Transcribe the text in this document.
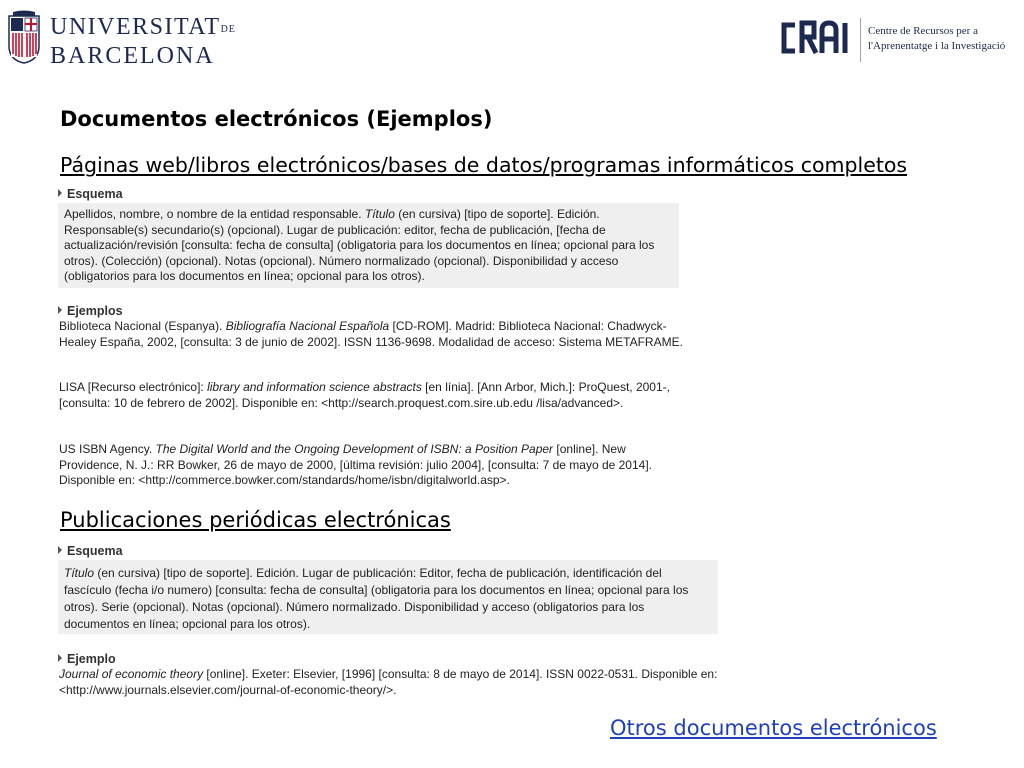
UNIVERSITATDE
BARCELONA
Centre de Recursos per a
l'Aprenentatge i la Investigació
Documentos electrónicos (Ejemplos)
Páginas web/libros electrónicos/bases de datos/programas informáticos completos
Esquema
Apellidos, nombre, o nombre de la entidad responsable. Título (en cursiva) [tipo de soporte]. Edición. Responsable(s) secundario(s) (opcional). Lugar de publicación: editor, fecha de publicación, [fecha de actualización/revisión [consulta: fecha de consulta] (obligatoria para los documentos en línea; opcional para los otros). (Colección) (opcional). Notas (opcional). Número normalizado (opcional). Disponibilidad y acceso (obligatorios para los documentos en línea; opcional para los otros).
Ejemplos
Biblioteca Nacional (Espanya). Bibliografía Nacional Española [CD-ROM]. Madrid: Biblioteca Nacional: Chadwyck-Healey España, 2002, [consulta: 3 de junio de 2002]. ISSN 1136-9698. Modalidad de acceso: Sistema METAFRAME.
LISA [Recurso electrónico]: library and information science abstracts [en línia]. [Ann Arbor, Mich.]: ProQuest, 2001-, [consulta: 10 de febrero de 2002]. Disponible en: <http://search.proquest.com.sire.ub.edu /lisa/advanced>.
US ISBN Agency. The Digital World and the Ongoing Development of ISBN: a Position Paper [online]. New Providence, N. J.: RR Bowker, 26 de mayo de 2000, [última revisión: julio 2004], [consulta: 7 de mayo de 2014]. Disponible en: <http://commerce.bowker.com/standards/home/isbn/digitalworld.asp>.
Publicaciones periódicas electrónicas
Esquema
Título (en cursiva) [tipo de soporte]. Edición. Lugar de publicación: Editor, fecha de publicación, identificación del fascículo (fecha i/o numero) [consulta: fecha de consulta] (obligatoria para los documentos en línea; opcional para los otros). Serie (opcional). Notas (opcional). Número normalizado. Disponibilidad y acceso (obligatorios para los documentos en línea; opcional para los otros).
Ejemplo
Journal of economic theory [online]. Exeter: Elsevier, [1996] [consulta: 8 de mayo de 2014]. ISSN 0022-0531. Disponible en: <http://www.journals.elsevier.com/journal-of-economic-theory/>.
Otros documentos electrónicos
